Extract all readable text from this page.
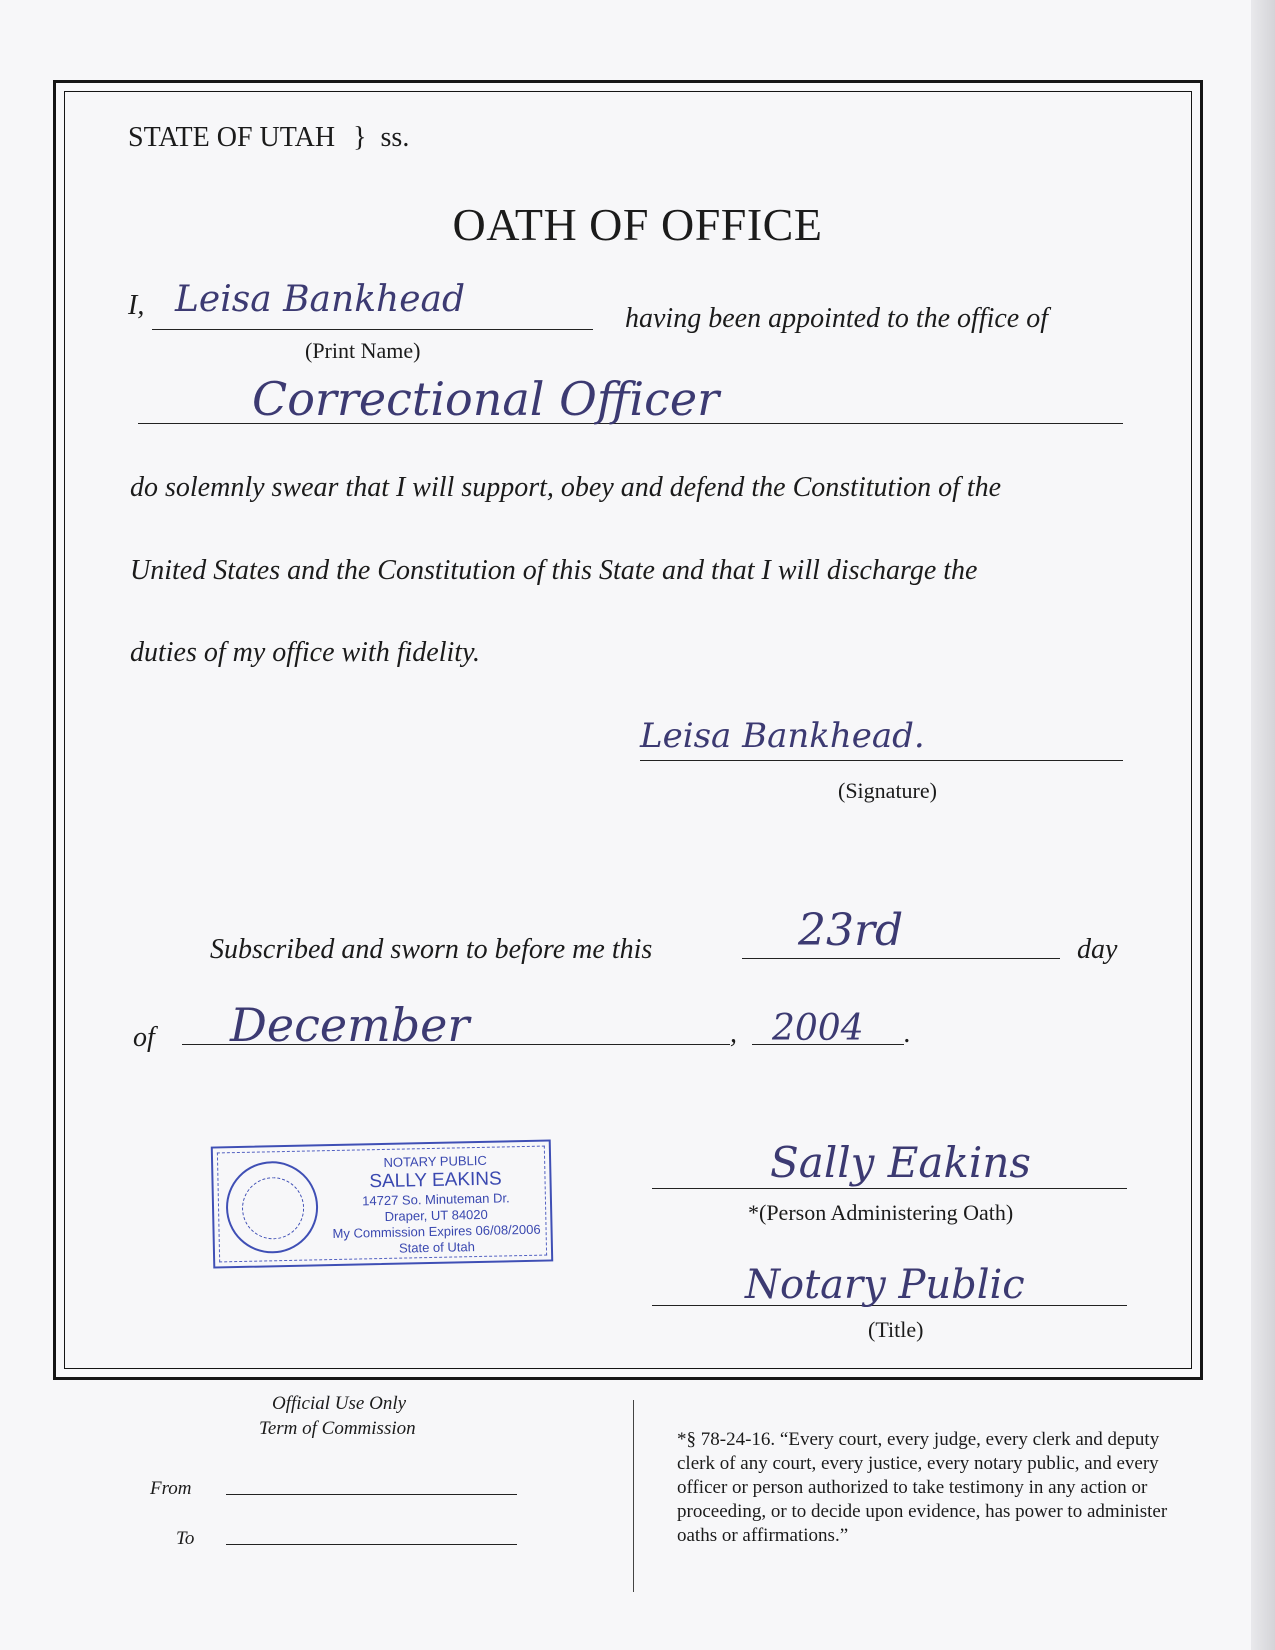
STATE OF UTAH } ss.
OATH OF OFFICE
I, Leisa Bankhead
(Print Name)
having been appointed to the office of
Correctional Officer
do solemnly swear that I will support, obey and defend the Constitution of the
United States and the Constitution of this State and that I will discharge the
duties of my office with fidelity.
Leisa Bankhead.
(Signature)
Subscribed and sworn to before me this	23rd	day
of December	, 2004 .
NOTARY PUBLIC
SALLY EAKINS
14727 So. Minuteman Dr.
Draper, UT 84020
My Commission Expires 06/08/2006
State of Utah
Sally Eakins
*(Person Administering Oath)
Notary Public
(Title)
Official Use Only
Term of Commission
From
To
*§ 78-24-16. “Every court, every judge, every clerk and deputy clerk of any court, every justice, every notary public, and every officer or person authorized to take testimony in any action or proceeding, or to decide upon evidence, has power to administer oaths or affirmations.”
